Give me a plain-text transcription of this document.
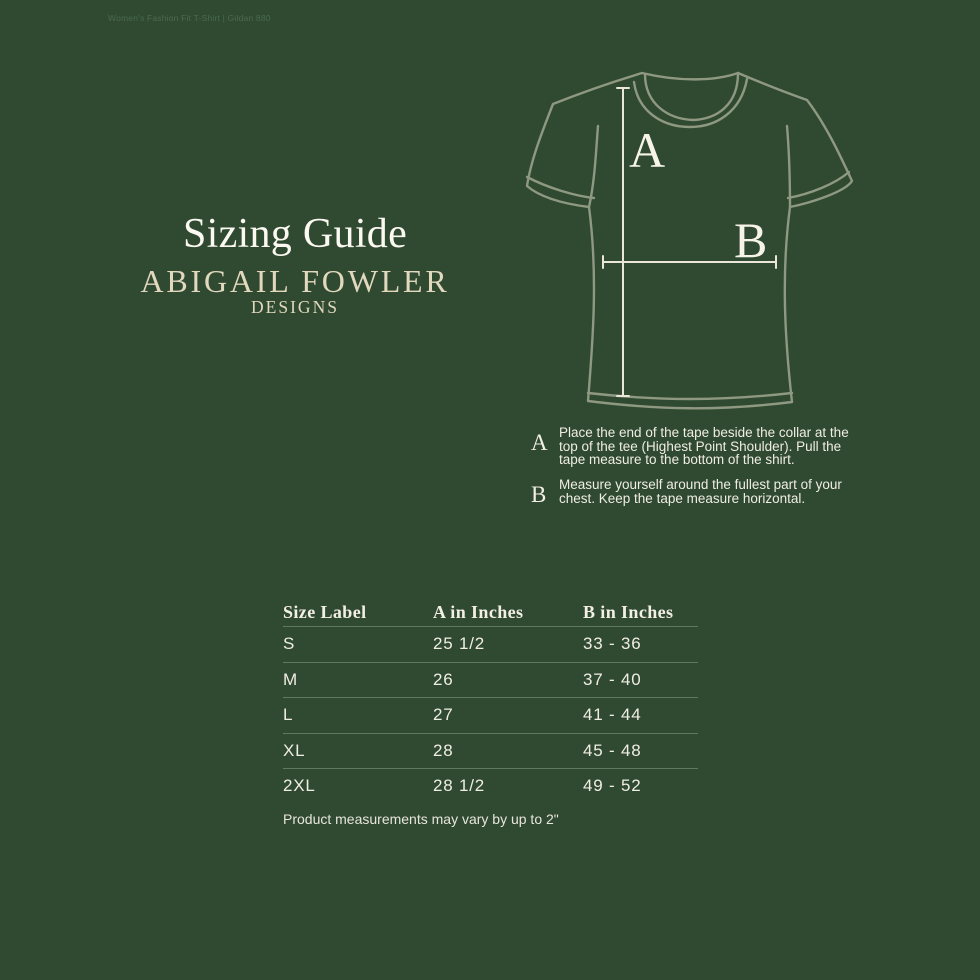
Women's Fashion Fit T-Shirt | Gildan 880
Sizing Guide
ABIGAIL FOWLER
DESIGNS
A
B
A Place the end of the tape beside the collar at the top of the tee (Highest Point Shoulder). Pull the tape measure to the bottom of the shirt.
B Measure yourself around the fullest part of your chest. Keep the tape measure horizontal.
Size Label	A in Inches	B in Inches
S	25 1/2	33 - 36
M	26	37 - 40
L	27	41 - 44
XL	28	45 - 48
2XL	28 1/2	49 - 52
Product measurements may vary by up to 2"
